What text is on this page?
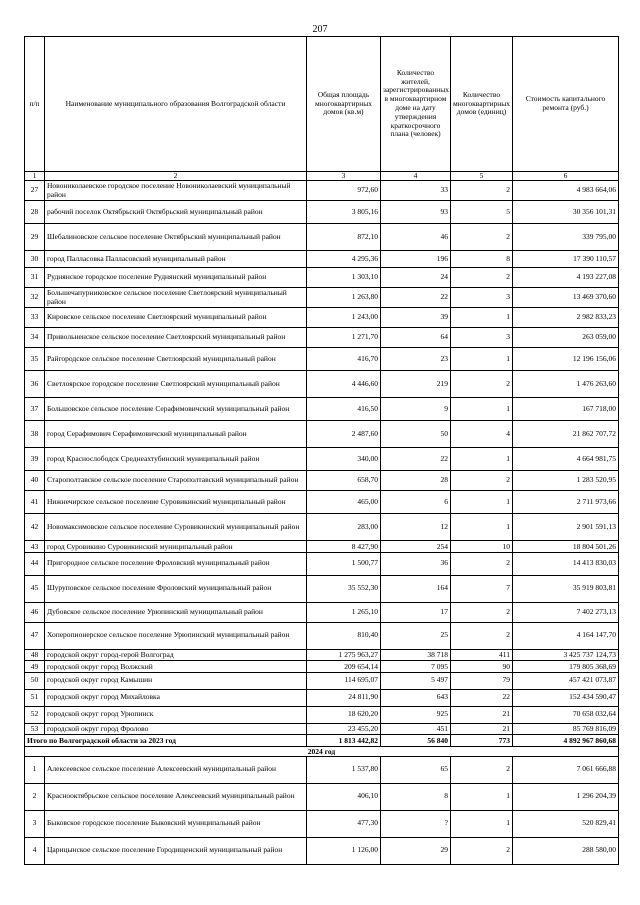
207
п/п	Наименование муниципального образования Волгоградской области	Общая площадь многоквартирных домов (кв.м)	Количество жителей, зарегистрированных в многоквартирном доме на дату утверждения краткосрочного плана (человек)	Количество многоквартирных домов (единиц)	Стоимость капитального ремонта (руб.)
1	2	3	4	5	6
27	Новониколаевское городское поселение Новониколаевский муниципальный район	972,60	33	2	4 983 664,06
28	рабочий поселок Октябрьский Октябрьский муниципальный район	3 805,16	93	5	30 356 101,31
29	Шебалиновское сельское поселение Октябрьский муниципальный район	872,10	46	2	339 795,00
30	город Палласовка Палласовский муниципальный район	4 295,36	196	8	17 390 110,57
31	Руднянское городское поселение Руднянский муниципальный район	1 303,10	24	2	4 193 227,08
32	Большечапурниковское сельское поселение Светлоярский муниципальный район	1 263,80	22	3	13 469 370,60
33	Кировское сельское поселение Светлоярский муниципальный район	1 243,00	39	1	2 982 833,23
34	Привольненское сельское поселение Светлоярский муниципальный район	1 271,70	64	3	263 059,00
35	Райгородское сельское поселение Светлоярский муниципальный район	416,70	23	1	12 196 156,06
36	Светлоярское городское поселение Светлоярский муниципальный район	4 446,60	219	2	1 476 263,60
37	Большовское сельское поселение Серафимовичский муниципальный район	416,50	9	1	167 718,00
38	город Серафимович Серафимовичский муниципальный район	2 487,60	50	4	21 862 707,72
39	город Краснослободск Среднеахтубинский муниципальный район	340,00	22	1	4 664 981,75
40	Старополтавское сельское поселение Старополтавский муниципальный район	658,70	28	2	1 283 520,95
41	Нижнечирское сельское поселение Суровикинский муниципальный район	465,00	6	1	2 711 973,66
42	Новомаксимовское сельское поселение Суровикинский муниципальный район	283,00	12	1	2 901 591,13
43	город Суровикино Суровикинский муниципальный район	8 427,90	254	10	18 804 501,26
44	Пригородное сельское поселение Фроловский муниципальный район	1 500,77	36	2	14 413 830,03
45	Шуруповское сельское поселение Фроловский муниципальный район	35 552,30	164	7	35 919 803,81
46	Дубовское сельское поселение Урюпинский муниципальный район	1 265,10	17	2	7 402 273,13
47	Хоперопионерское сельское поселение Урюпинский муниципальный район	810,40	25	2	4 164 147,70
48	городской округ город-герой Волгоград	1 275 963,27	38 718	411	3 425 737 124,73
49	городской округ город Волжский	209 654,14	7 095	90	179 805 368,69
50	городской округ город Камышин	114 695,07	5 497	79	457 421 073,87
51	городской округ город Михайловка	24 811,90	643	22	152 434 590,47
52	городской округ город Урюпинск	18 620,20	925	21	70 658 032,64
53	городской округ город Фролово	23 455,20	451	21	85 769 816,09
Итого по Волгоградской области за 2023 год		1 813 442,82	56 840	773	4 892 967 860,68
2024 год					
1	Алексеевское сельское поселение Алексеевский муниципальный район	1 537,80	65	2	7 061 666,88
2	Краснооктябрьское сельское поселение Алексеевский муниципальный район	406,10	8	1	1 296 204,39
3	Быковское городское поселение Быковский муниципальный район	477,30	?	1	520 829,41
4	Царицынское сельское поселение Городищенский муниципальный район	1 126,00	29	2	288 580,00
